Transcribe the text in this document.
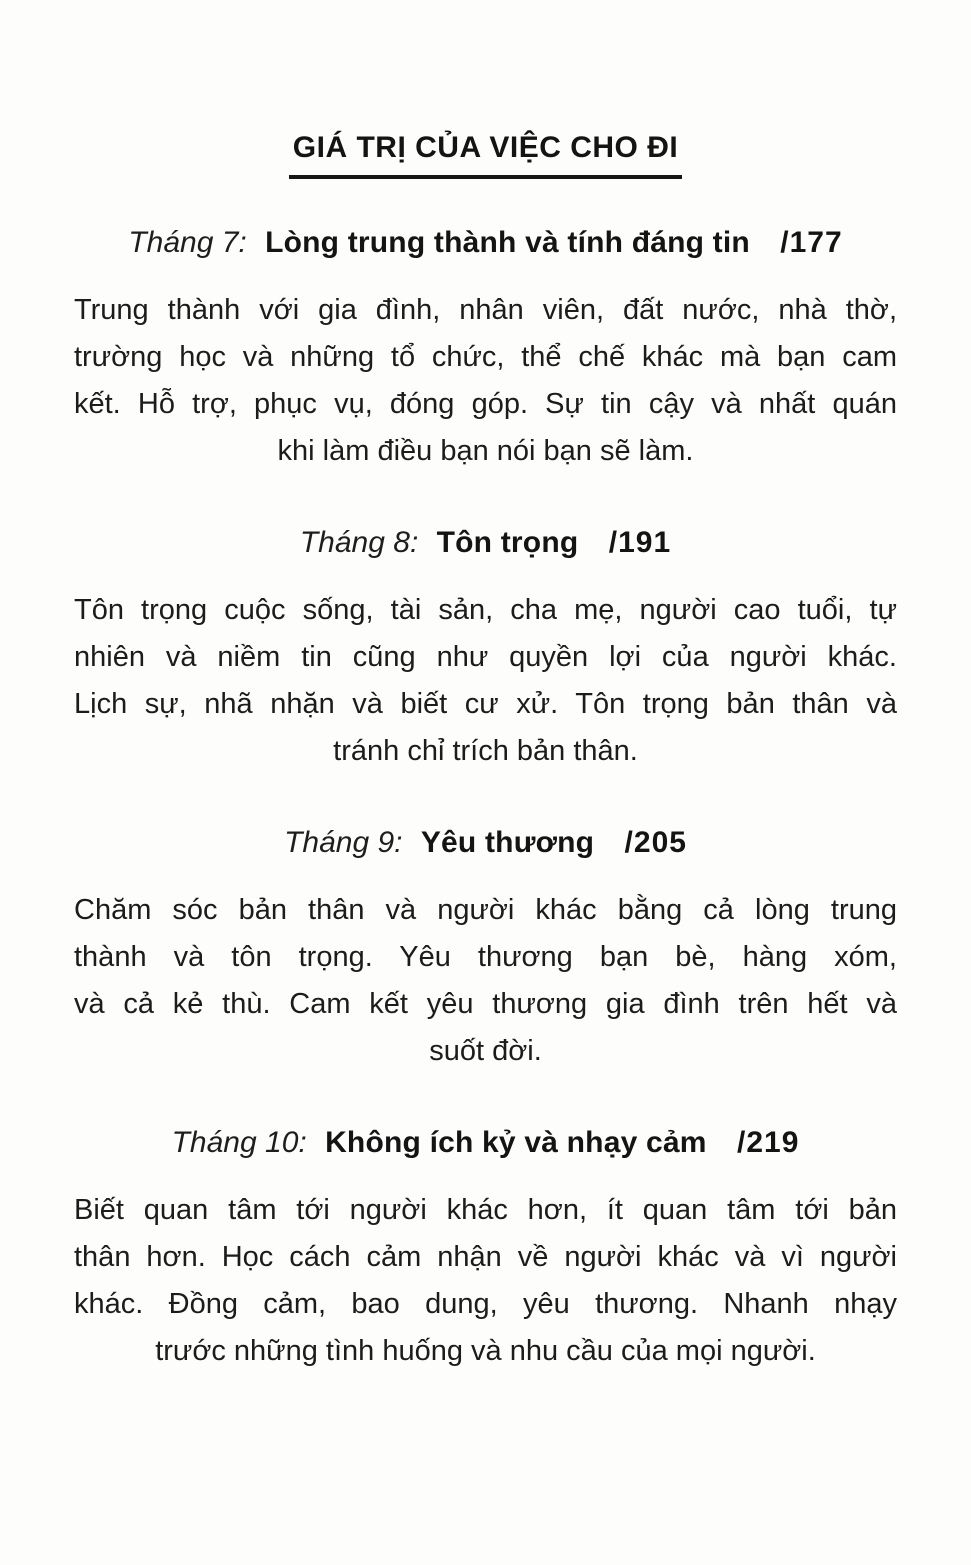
GIÁ TRỊ CỦA VIỆC CHO ĐI
Tháng 7: Lòng trung thành và tính đáng tin /177
Trung thành với gia đình, nhân viên, đất nước, nhà thờ,
trường học và những tổ chức, thể chế khác mà bạn cam
kết. Hỗ trợ, phục vụ, đóng góp. Sự tin cậy và nhất quán
khi làm điều bạn nói bạn sẽ làm.
Tháng 8: Tôn trọng /191
Tôn trọng cuộc sống, tài sản, cha mẹ, người cao tuổi, tự
nhiên và niềm tin cũng như quyền lợi của người khác.
Lịch sự, nhã nhặn và biết cư xử. Tôn trọng bản thân và
tránh chỉ trích bản thân.
Tháng 9: Yêu thương /205
Chăm sóc bản thân và người khác bằng cả lòng trung
thành và tôn trọng. Yêu thương bạn bè, hàng xóm,
và cả kẻ thù. Cam kết yêu thương gia đình trên hết và
suốt đời.
Tháng 10: Không ích kỷ và nhạy cảm /219
Biết quan tâm tới người khác hơn, ít quan tâm tới bản
thân hơn. Học cách cảm nhận về người khác và vì người
khác. Đồng cảm, bao dung, yêu thương. Nhanh nhạy
trước những tình huống và nhu cầu của mọi người.
